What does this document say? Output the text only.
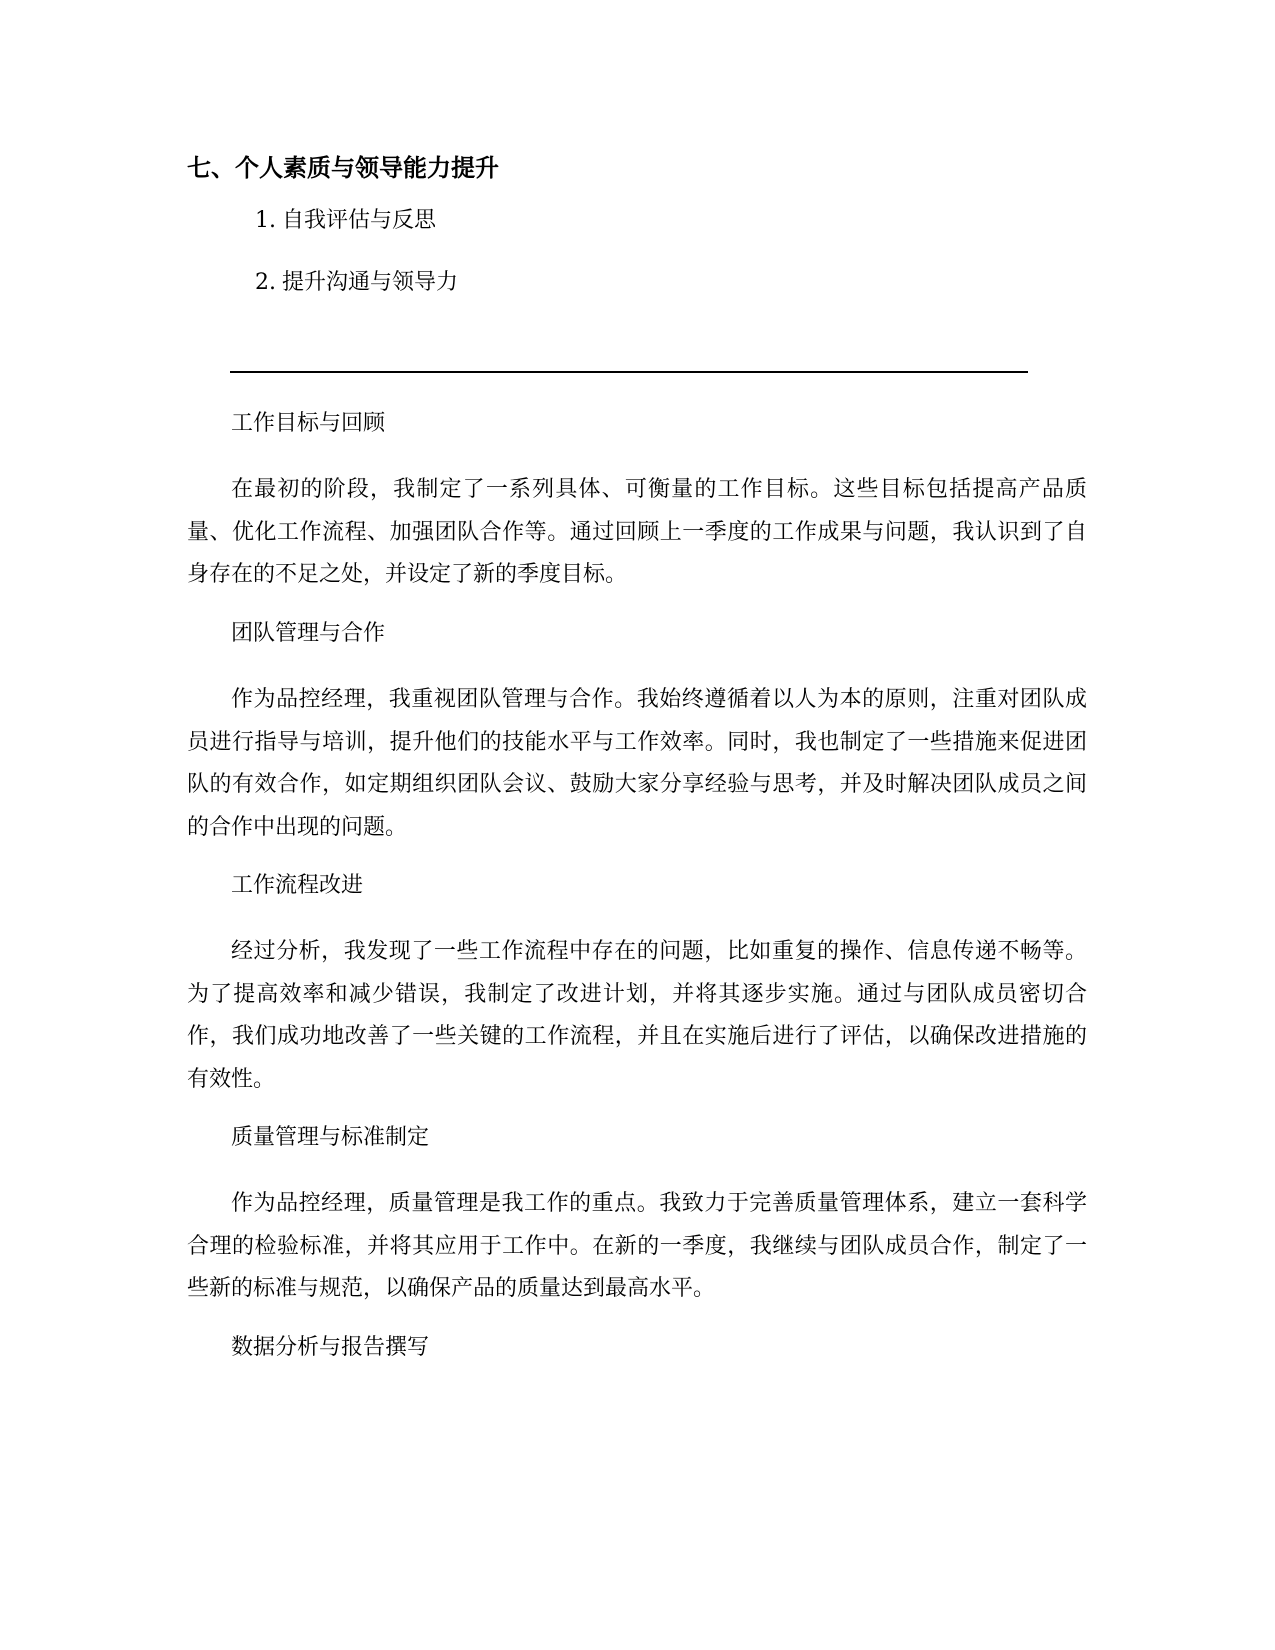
七、个人素质与领导能力提升

1. 自我评估与反思

2. 提升沟通与领导力

工作目标与回顾

在最初的阶段，我制定了一系列具体、可衡量的工作目标。这些目标包括提高产品质量、优化工作流程、加强团队合作等。通过回顾上一季度的工作成果与问题，我认识到了自身存在的不足之处，并设定了新的季度目标。

团队管理与合作

作为品控经理，我重视团队管理与合作。我始终遵循着以人为本的原则，注重对团队成员进行指导与培训，提升他们的技能水平与工作效率。同时，我也制定了一些措施来促进团队的有效合作，如定期组织团队会议、鼓励大家分享经验与思考，并及时解决团队成员之间的合作中出现的问题。

工作流程改进

经过分析，我发现了一些工作流程中存在的问题，比如重复的操作、信息传递不畅等。为了提高效率和减少错误，我制定了改进计划，并将其逐步实施。通过与团队成员密切合作，我们成功地改善了一些关键的工作流程，并且在实施后进行了评估，以确保改进措施的有效性。

质量管理与标准制定

作为品控经理，质量管理是我工作的重点。我致力于完善质量管理体系，建立一套科学合理的检验标准，并将其应用于工作中。在新的一季度，我继续与团队成员合作，制定了一些新的标准与规范，以确保产品的质量达到最高水平。

数据分析与报告撰写
